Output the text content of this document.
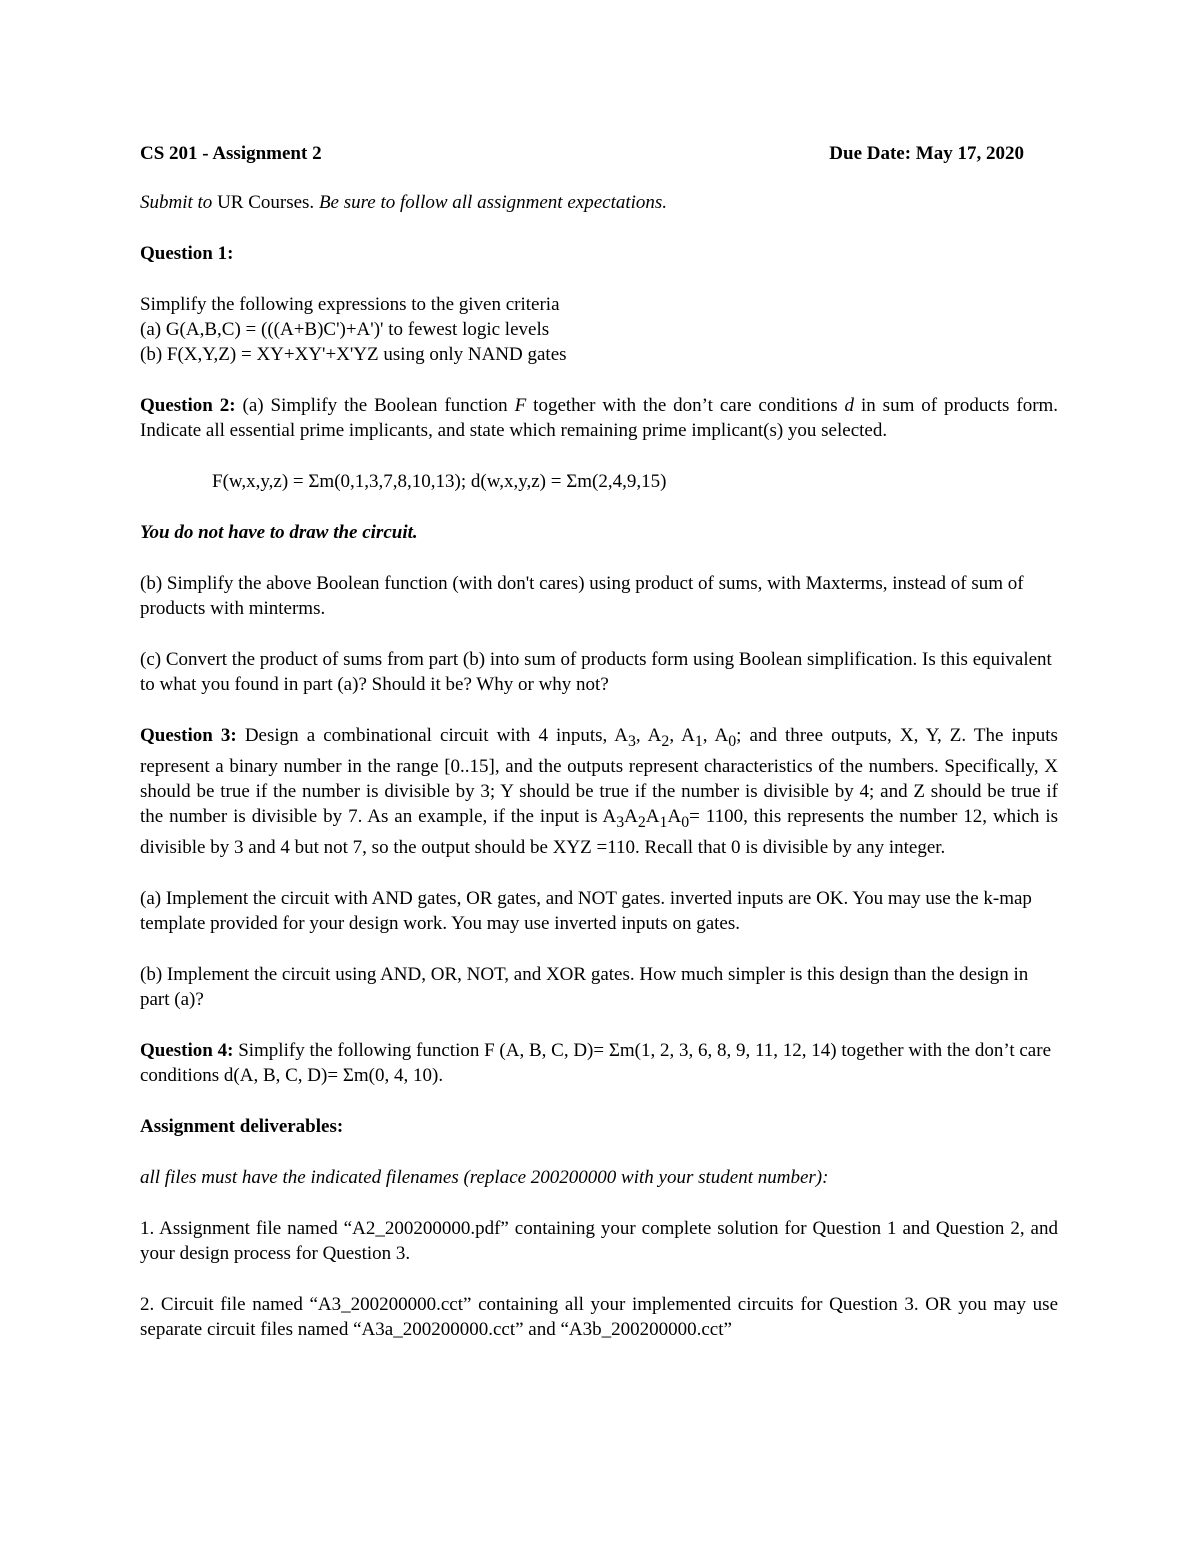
CS 201 - Assignment 2	Due Date: May 17, 2020

Submit to UR Courses. Be sure to follow all assignment expectations.

Question 1:

Simplify the following expressions to the given criteria

(a) G(A,B,C) = (((A+B)C')+A')' to fewest logic levels

(b) F(X,Y,Z) = XY+XY'+X'YZ using only NAND gates

Question 2: (a) Simplify the Boolean function F together with the don’t care conditions d in sum of products form. Indicate all essential prime implicants, and state which remaining prime implicant(s) you selected.

F(w,x,y,z) = Σm(0,1,3,7,8,10,13); d(w,x,y,z) = Σm(2,4,9,15)

You do not have to draw the circuit.

(b) Simplify the above Boolean function (with don't cares) using product of sums, with Maxterms, instead of sum of products with minterms.

(c) Convert the product of sums from part (b) into sum of products form using Boolean simplification. Is this equivalent to what you found in part (a)? Should it be? Why or why not?

Question 3: Design a combinational circuit with 4 inputs, $A_3$, $A_2$, $A_1$, $A_0$; and three outputs, X, Y, Z. The inputs represent a binary number in the range [0..15], and the outputs represent characteristics of the numbers. Specifically, X should be true if the number is divisible by 3; Y should be true if the number is divisible by 4; and Z should be true if the number is divisible by 7. As an example, if the input is $A_3A_2A_1A_0= 1100$, this represents the number 12, which is divisible by 3 and 4 but not 7, so the output should be XYZ =110. Recall that 0 is divisible by any integer.

(a) Implement the circuit with AND gates, OR gates, and NOT gates. inverted inputs are OK. You may use the k-map template provided for your design work. You may use inverted inputs on gates.

(b) Implement the circuit using AND, OR, NOT, and XOR gates. How much simpler is this design than the design in part (a)?

Question 4: Simplify the following function F (A, B, C, D)= Σm(1, 2, 3, 6, 8, 9, 11, 12, 14) together with the don’t care conditions d(A, B, C, D)= Σm(0, 4, 10).

Assignment deliverables:

all files must have the indicated filenames (replace 200200000 with your student number):

1. Assignment file named “A2_200200000.pdf” containing your complete solution for Question 1 and Question 2, and your design process for Question 3.

2. Circuit file named “A3_200200000.cct” containing all your implemented circuits for Question 3. OR you may use separate circuit files named “A3a_200200000.cct” and “A3b_200200000.cct”
